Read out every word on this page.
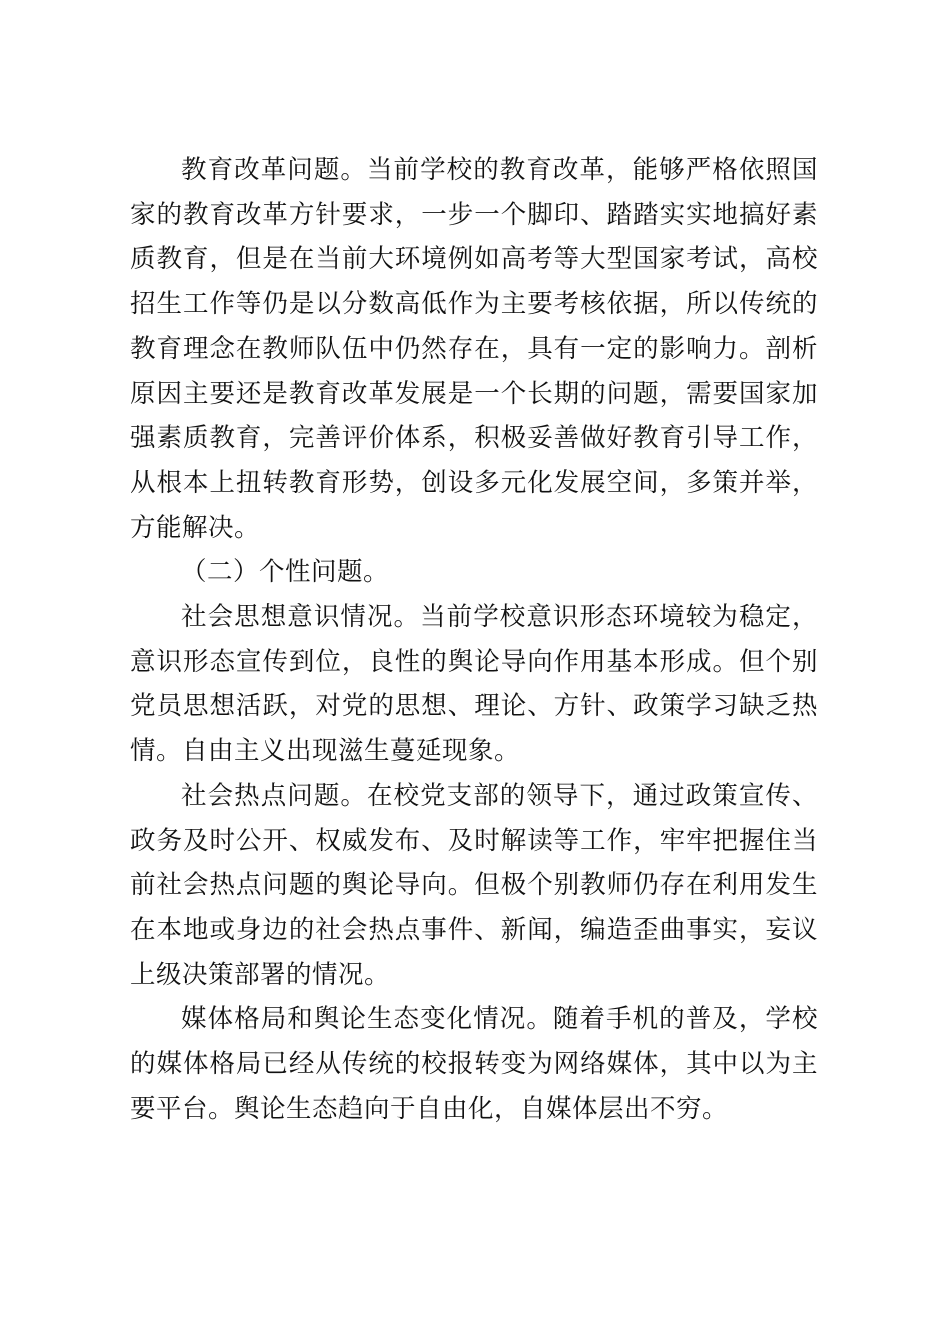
教育改革问题。当前学校的教育改革，能够严格依照国家的教育改革方针要求，一步一个脚印、踏踏实实地搞好素质教育，但是在当前大环境例如高考等大型国家考试，高校招生工作等仍是以分数高低作为主要考核依据，所以传统的教育理念在教师队伍中仍然存在，具有一定的影响力。剖析原因主要还是教育改革发展是一个长期的问题，需要国家加强素质教育，完善评价体系，积极妥善做好教育引导工作，从根本上扭转教育形势，创设多元化发展空间，多策并举，方能解决。

（二）个性问题。

社会思想意识情况。当前学校意识形态环境较为稳定，意识形态宣传到位，良性的舆论导向作用基本形成。但个别党员思想活跃，对党的思想、理论、方针、政策学习缺乏热情。自由主义出现滋生蔓延现象。

社会热点问题。在校党支部的领导下，通过政策宣传、政务及时公开、权威发布、及时解读等工作，牢牢把握住当前社会热点问题的舆论导向。但极个别教师仍存在利用发生在本地或身边的社会热点事件、新闻，编造歪曲事实，妄议上级决策部署的情况。

媒体格局和舆论生态变化情况。随着手机的普及，学校的媒体格局已经从传统的校报转变为网络媒体，其中以为主要平台。舆论生态趋向于自由化，自媒体层出不穷。
